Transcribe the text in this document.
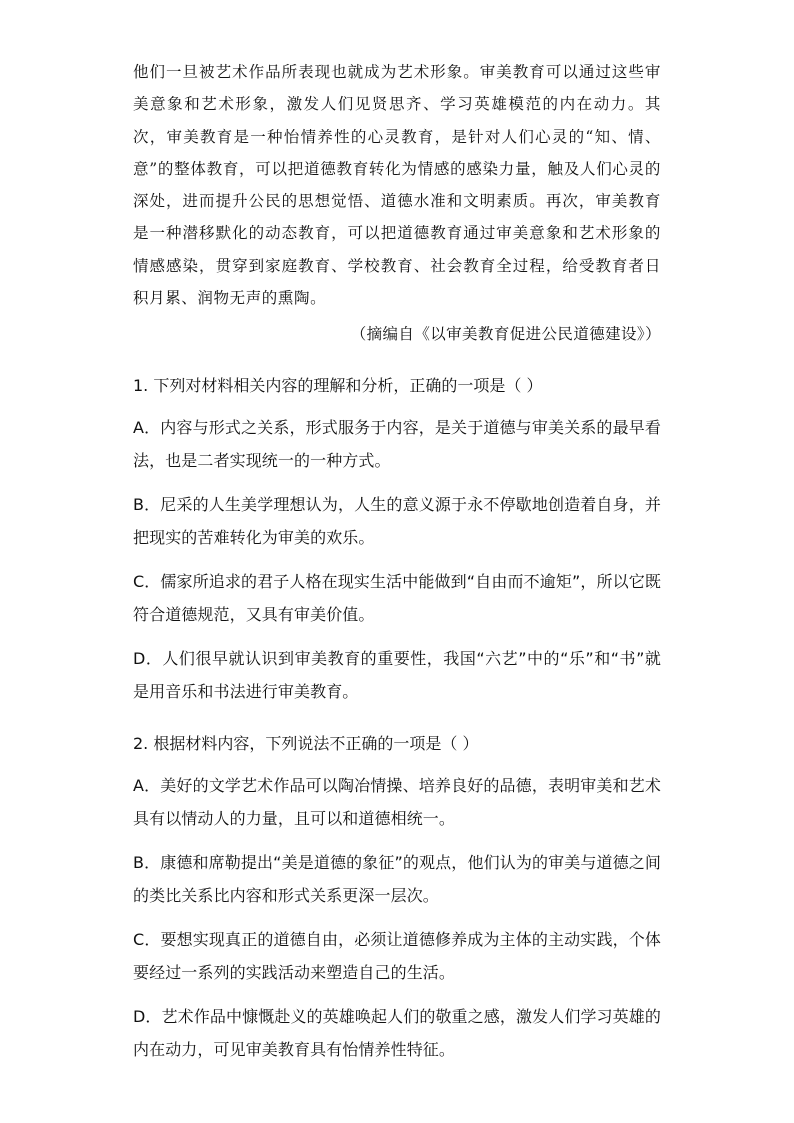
他们一旦被艺术作品所表现也就成为艺术形象。审美教育可以通过这些审美意象和艺术形象，激发人们见贤思齐、学习英雄模范的内在动力。其次，审美教育是一种怡情养性的心灵教育，是针对人们心灵的“知、情、意”的整体教育，可以把道德教育转化为情感的感染力量，触及人们心灵的深处，进而提升公民的思想觉悟、道德水准和文明素质。再次，审美教育是一种潜移默化的动态教育，可以把道德教育通过审美意象和艺术形象的情感感染，贯穿到家庭教育、学校教育、社会教育全过程，给受教育者日积月累、润物无声的熏陶。

（摘编自《以审美教育促进公民道德建设》）

1. 下列对材料相关内容的理解和分析，正确的一项是（ ）

A．内容与形式之关系，形式服务于内容，是关于道德与审美关系的最早看法，也是二者实现统一的一种方式。

B．尼采的人生美学理想认为，人生的意义源于永不停歇地创造着自身，并把现实的苦难转化为审美的欢乐。

C．儒家所追求的君子人格在现实生活中能做到“自由而不逾矩”，所以它既符合道德规范，又具有审美价值。

D．人们很早就认识到审美教育的重要性，我国“六艺”中的“乐”和“书”就是用音乐和书法进行审美教育。

2. 根据材料内容，下列说法不正确的一项是（ ）

A．美好的文学艺术作品可以陶冶情操、培养良好的品德，表明审美和艺术具有以情动人的力量，且可以和道德相统一。

B．康德和席勒提出“美是道德的象征”的观点，他们认为的审美与道德之间的类比关系比内容和形式关系更深一层次。

C．要想实现真正的道德自由，必须让道德修养成为主体的主动实践，个体要经过一系列的实践活动来塑造自己的生活。

D．艺术作品中慷慨赴义的英雄唤起人们的敬重之感，激发人们学习英雄的内在动力，可见审美教育具有怡情养性特征。
